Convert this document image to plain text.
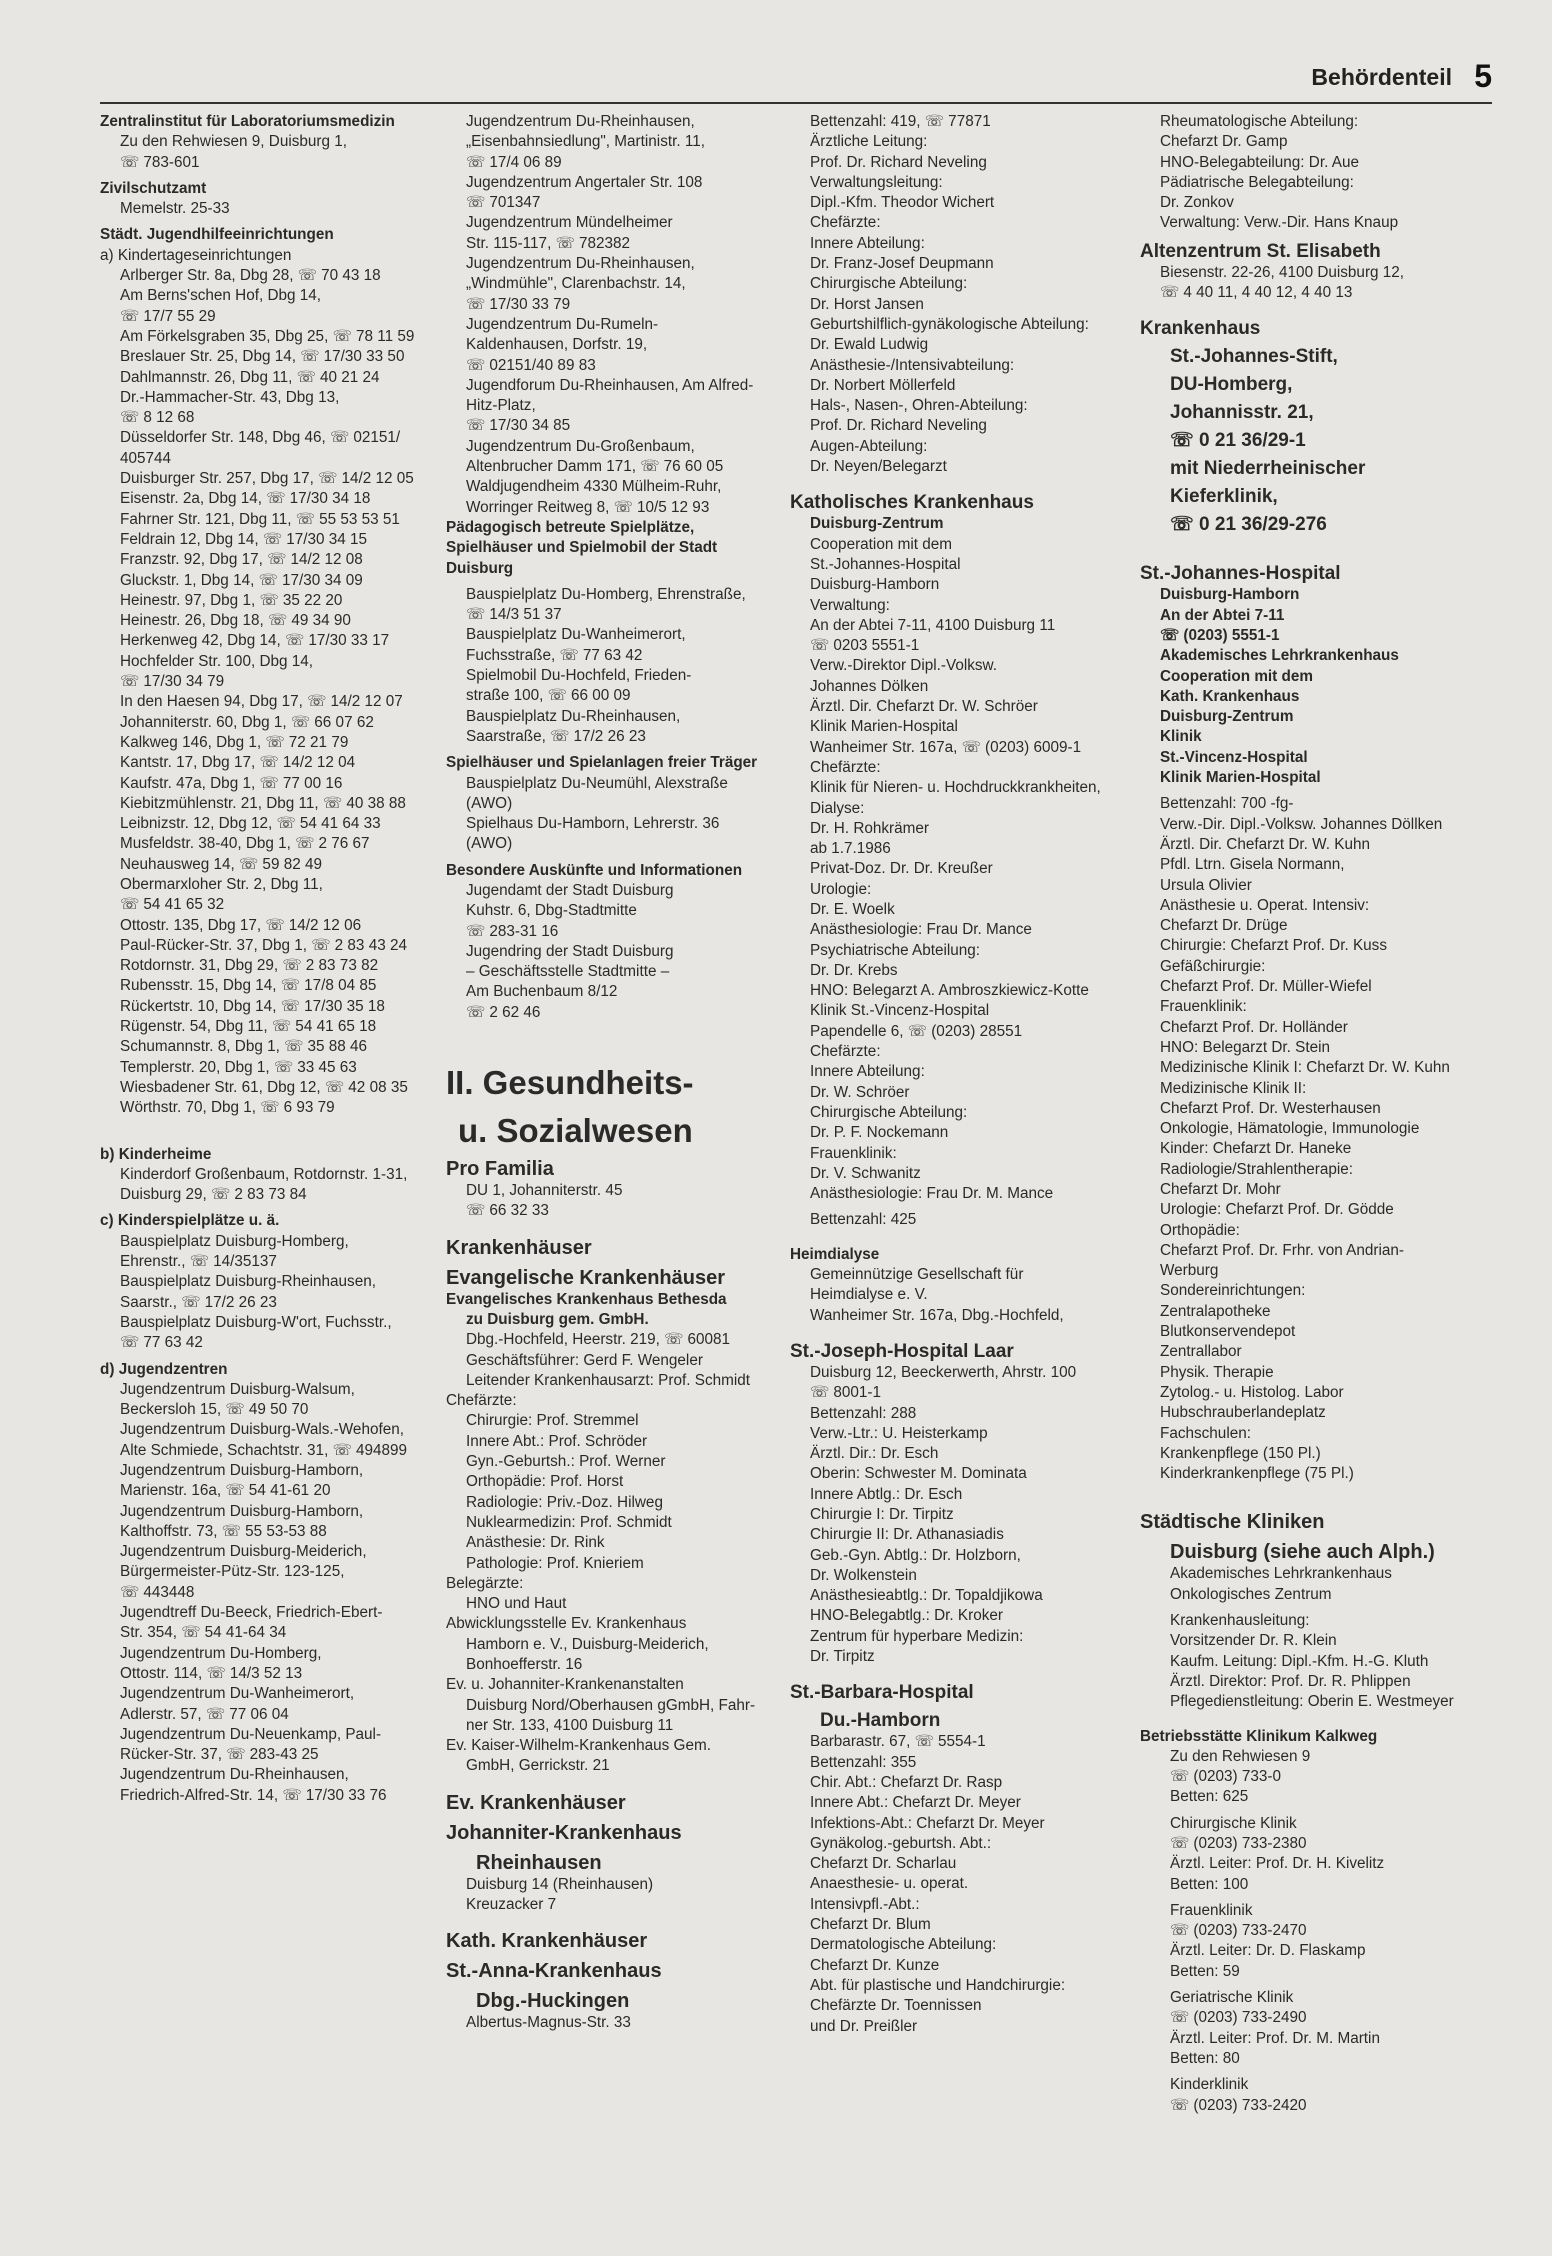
Behördenteil 5
Zentralinstitut für Laboratoriumsmedizin
Zu den Rehwiesen 9, Duisburg 1,
☏ 783-601
Zivilschutzamt
Memelstr. 25-33
Städt. Jugendhilfeeinrichtungen
a) Kindertageseinrichtungen
Arlberger Str. 8a, Dbg 28, ☏ 70 43 18
Am Berns'schen Hof, Dbg 14,
☏ 17/7 55 29
Am Förkelsgraben 35, Dbg 25, ☏ 78 11 59
Breslauer Str. 25, Dbg 14, ☏ 17/30 33 50
Dahlmannstr. 26, Dbg 11, ☏ 40 21 24
Dr.-Hammacher-Str. 43, Dbg 13,
☏ 8 12 68
Düsseldorfer Str. 148, Dbg 46, ☏ 02151/
405744
Duisburger Str. 257, Dbg 17, ☏ 14/2 12 05
Eisenstr. 2a, Dbg 14, ☏ 17/30 34 18
Fahrner Str. 121, Dbg 11, ☏ 55 53 53 51
Feldrain 12, Dbg 14, ☏ 17/30 34 15
Franzstr. 92, Dbg 17, ☏ 14/2 12 08
Gluckstr. 1, Dbg 14, ☏ 17/30 34 09
Heinestr. 97, Dbg 1, ☏ 35 22 20
Heinestr. 26, Dbg 18, ☏ 49 34 90
Herkenweg 42, Dbg 14, ☏ 17/30 33 17
Hochfelder Str. 100, Dbg 14,
☏ 17/30 34 79
In den Haesen 94, Dbg 17, ☏ 14/2 12 07
Johanniterstr. 60, Dbg 1, ☏ 66 07 62
Kalkweg 146, Dbg 1, ☏ 72 21 79
Kantstr. 17, Dbg 17, ☏ 14/2 12 04
Kaufstr. 47a, Dbg 1, ☏ 77 00 16
Kiebitzmühlenstr. 21, Dbg 11, ☏ 40 38 88
Leibnizstr. 12, Dbg 12, ☏ 54 41 64 33
Musfeldstr. 38-40, Dbg 1, ☏ 2 76 67
Neuhausweg 14, ☏ 59 82 49
Obermarxloher Str. 2, Dbg 11,
☏ 54 41 65 32
Ottostr. 135, Dbg 17, ☏ 14/2 12 06
Paul-Rücker-Str. 37, Dbg 1, ☏ 2 83 43 24
Rotdornstr. 31, Dbg 29, ☏ 2 83 73 82
Rubensstr. 15, Dbg 14, ☏ 17/8 04 85
Rückertstr. 10, Dbg 14, ☏ 17/30 35 18
Rügenstr. 54, Dbg 11, ☏ 54 41 65 18
Schumannstr. 8, Dbg 1, ☏ 35 88 46
Templerstr. 20, Dbg 1, ☏ 33 45 63
Wiesbadener Str. 61, Dbg 12, ☏ 42 08 35
Wörthstr. 70, Dbg 1, ☏ 6 93 79
b) Kinderheime
Kinderdorf Großenbaum, Rotdornstr. 1-31,
Duisburg 29, ☏ 2 83 73 84
c) Kinderspielplätze u. ä.
Bauspielplatz Duisburg-Homberg,
Ehrenstr., ☏ 14/35137
Bauspielplatz Duisburg-Rheinhausen,
Saarstr., ☏ 17/2 26 23
Bauspielplatz Duisburg-W'ort, Fuchsstr.,
☏ 77 63 42
d) Jugendzentren
Jugendzentrum Duisburg-Walsum,
Beckersloh 15, ☏ 49 50 70
Jugendzentrum Duisburg-Wals.-Wehofen,
Alte Schmiede, Schachtstr. 31, ☏ 494899
Jugendzentrum Duisburg-Hamborn,
Marienstr. 16a, ☏ 54 41-61 20
Jugendzentrum Duisburg-Hamborn,
Kalthoffstr. 73, ☏ 55 53-53 88
Jugendzentrum Duisburg-Meiderich,
Bürgermeister-Pütz-Str. 123-125,
☏ 443448
Jugendtreff Du-Beeck, Friedrich-Ebert-
Str. 354, ☏ 54 41-64 34
Jugendzentrum Du-Homberg,
Ottostr. 114, ☏ 14/3 52 13
Jugendzentrum Du-Wanheimerort,
Adlerstr. 57, ☏ 77 06 04
Jugendzentrum Du-Neuenkamp, Paul-
Rücker-Str. 37, ☏ 283-43 25
Jugendzentrum Du-Rheinhausen,
Friedrich-Alfred-Str. 14, ☏ 17/30 33 76
Jugendzentrum Du-Rheinhausen,
„Eisenbahnsiedlung", Martinistr. 11,
☏ 17/4 06 89
Jugendzentrum Angertaler Str. 108
☏ 701347
Jugendzentrum Mündelheimer
Str. 115-117, ☏ 782382
Jugendzentrum Du-Rheinhausen,
„Windmühle", Clarenbachstr. 14,
☏ 17/30 33 79
Jugendzentrum Du-Rumeln-
Kaldenhausen, Dorfstr. 19,
☏ 02151/40 89 83
Jugendforum Du-Rheinhausen, Am Alfred-
Hitz-Platz,
☏ 17/30 34 85
Jugendzentrum Du-Großenbaum,
Altenbrucher Damm 171, ☏ 76 60 05
Waldjugendheim 4330 Mülheim-Ruhr,
Worringer Reitweg 8, ☏ 10/5 12 93
Pädagogisch betreute Spielplätze,
Spielhäuser und Spielmobil der Stadt
Duisburg
Bauspielplatz Du-Homberg, Ehrenstraße,
☏ 14/3 51 37
Bauspielplatz Du-Wanheimerort,
Fuchsstraße, ☏ 77 63 42
Spielmobil Du-Hochfeld, Frieden-
straße 100, ☏ 66 00 09
Bauspielplatz Du-Rheinhausen,
Saarstraße, ☏ 17/2 26 23
Spielhäuser und Spielanlagen freier Träger
Bauspielplatz Du-Neumühl, Alexstraße
(AWO)
Spielhaus Du-Hamborn, Lehrerstr. 36
(AWO)
Besondere Auskünfte und Informationen
Jugendamt der Stadt Duisburg
Kuhstr. 6, Dbg-Stadtmitte
☏ 283-31 16
Jugendring der Stadt Duisburg
– Geschäftsstelle Stadtmitte –
Am Buchenbaum 8/12
☏ 2 62 46
II. Gesundheits-
u. Sozialwesen
Pro Familia
DU 1, Johanniterstr. 45
☏ 66 32 33
Krankenhäuser
Evangelische Krankenhäuser
Evangelisches Krankenhaus Bethesda
zu Duisburg gem. GmbH.
Dbg.-Hochfeld, Heerstr. 219, ☏ 60081
Geschäftsführer: Gerd F. Wengeler
Leitender Krankenhausarzt: Prof. Schmidt
Chefärzte:
Chirurgie: Prof. Stremmel
Innere Abt.: Prof. Schröder
Gyn.-Geburtsh.: Prof. Werner
Orthopädie: Prof. Horst
Radiologie: Priv.-Doz. Hilweg
Nuklearmedizin: Prof. Schmidt
Anästhesie: Dr. Rink
Pathologie: Prof. Knieriem
Belegärzte:
HNO und Haut
Abwicklungsstelle Ev. Krankenhaus
Hamborn e. V., Duisburg-Meiderich,
Bonhoefferstr. 16
Ev. u. Johanniter-Krankenanstalten
Duisburg Nord/Oberhausen gGmbH, Fahr-
ner Str. 133, 4100 Duisburg 11
Ev. Kaiser-Wilhelm-Krankenhaus Gem.
GmbH, Gerrickstr. 21
Ev. Krankenhäuser
Johanniter-Krankenhaus
Rheinhausen
Duisburg 14 (Rheinhausen)
Kreuzacker 7
Kath. Krankenhäuser
St.-Anna-Krankenhaus
Dbg.-Huckingen
Albertus-Magnus-Str. 33
Bettenzahl: 419, ☏ 77871
Ärztliche Leitung:
Prof. Dr. Richard Neveling
Verwaltungsleitung:
Dipl.-Kfm. Theodor Wichert
Chefärzte:
Innere Abteilung:
Dr. Franz-Josef Deupmann
Chirurgische Abteilung:
Dr. Horst Jansen
Geburtshilflich-gynäkologische Abteilung:
Dr. Ewald Ludwig
Anästhesie-/Intensivabteilung:
Dr. Norbert Möllerfeld
Hals-, Nasen-, Ohren-Abteilung:
Prof. Dr. Richard Neveling
Augen-Abteilung:
Dr. Neyen/Belegarzt
Katholisches Krankenhaus
Duisburg-Zentrum
Cooperation mit dem
St.-Johannes-Hospital
Duisburg-Hamborn
Verwaltung:
An der Abtei 7-11, 4100 Duisburg 11
☏ 0203 5551-1
Verw.-Direktor Dipl.-Volksw.
Johannes Dölken
Ärztl. Dir. Chefarzt Dr. W. Schröer
Klinik Marien-Hospital
Wanheimer Str. 167a, ☏ (0203) 6009-1
Chefärzte:
Klinik für Nieren- u. Hochdruckkrankheiten,
Dialyse:
Dr. H. Rohkrämer
ab 1.7.1986
Privat-Doz. Dr. Dr. Kreußer
Urologie:
Dr. E. Woelk
Anästhesiologie: Frau Dr. Mance
Psychiatrische Abteilung:
Dr. Dr. Krebs
HNO: Belegarzt A. Ambroszkiewicz-Kotte
Klinik St.-Vincenz-Hospital
Papendelle 6, ☏ (0203) 28551
Chefärzte:
Innere Abteilung:
Dr. W. Schröer
Chirurgische Abteilung:
Dr. P. F. Nockemann
Frauenklinik:
Dr. V. Schwanitz
Anästhesiologie: Frau Dr. M. Mance
Bettenzahl: 425
Heimdialyse
Gemeinnützige Gesellschaft für
Heimdialyse e. V.
Wanheimer Str. 167a, Dbg.-Hochfeld,
St.-Joseph-Hospital Laar
Duisburg 12, Beeckerwerth, Ahrstr. 100
☏ 8001-1
Bettenzahl: 288
Verw.-Ltr.: U. Heisterkamp
Ärztl. Dir.: Dr. Esch
Oberin: Schwester M. Dominata
Innere Abtlg.: Dr. Esch
Chirurgie I: Dr. Tirpitz
Chirurgie II: Dr. Athanasiadis
Geb.-Gyn. Abtlg.: Dr. Holzborn,
Dr. Wolkenstein
Anästhesieabtlg.: Dr. Topaldjikowa
HNO-Belegabtlg.: Dr. Kroker
Zentrum für hyperbare Medizin:
Dr. Tirpitz
St.-Barbara-Hospital
Du.-Hamborn
Barbarastr. 67, ☏ 5554-1
Bettenzahl: 355
Chir. Abt.: Chefarzt Dr. Rasp
Innere Abt.: Chefarzt Dr. Meyer
Infektions-Abt.: Chefarzt Dr. Meyer
Gynäkolog.-geburtsh. Abt.:
Chefarzt Dr. Scharlau
Anaesthesie- u. operat.
Intensivpfl.-Abt.:
Chefarzt Dr. Blum
Dermatologische Abteilung:
Chefarzt Dr. Kunze
Abt. für plastische und Handchirurgie:
Chefärzte Dr. Toennissen
und Dr. Preißler
Rheumatologische Abteilung:
Chefarzt Dr. Gamp
HNO-Belegabteilung: Dr. Aue
Pädiatrische Belegabteilung:
Dr. Zonkov
Verwaltung: Verw.-Dir. Hans Knaup
Altenzentrum St. Elisabeth
Biesenstr. 22-26, 4100 Duisburg 12,
☏ 4 40 11, 4 40 12, 4 40 13
Krankenhaus
St.-Johannes-Stift,
DU-Homberg,
Johannisstr. 21,
☏ 0 21 36/29-1
mit Niederrheinischer
Kieferklinik,
☏ 0 21 36/29-276
St.-Johannes-Hospital
Duisburg-Hamborn
An der Abtei 7-11
☏ (0203) 5551-1
Akademisches Lehrkrankenhaus
Cooperation mit dem
Kath. Krankenhaus
Duisburg-Zentrum
Klinik
St.-Vincenz-Hospital
Klinik Marien-Hospital
Bettenzahl: 700 -fg-
Verw.-Dir. Dipl.-Volksw. Johannes Döllken
Ärztl. Dir. Chefarzt Dr. W. Kuhn
Pfdl. Ltrn. Gisela Normann,
Ursula Olivier
Anästhesie u. Operat. Intensiv:
Chefarzt Dr. Drüge
Chirurgie: Chefarzt Prof. Dr. Kuss
Gefäßchirurgie:
Chefarzt Prof. Dr. Müller-Wiefel
Frauenklinik:
Chefarzt Prof. Dr. Holländer
HNO: Belegarzt Dr. Stein
Medizinische Klinik I: Chefarzt Dr. W. Kuhn
Medizinische Klinik II:
Chefarzt Prof. Dr. Westerhausen
Onkologie, Hämatologie, Immunologie
Kinder: Chefarzt Dr. Haneke
Radiologie/Strahlentherapie:
Chefarzt Dr. Mohr
Urologie: Chefarzt Prof. Dr. Gödde
Orthopädie:
Chefarzt Prof. Dr. Frhr. von Andrian-
Werburg
Sondereinrichtungen:
Zentralapotheke
Blutkonservendepot
Zentrallabor
Physik. Therapie
Zytolog.- u. Histolog. Labor
Hubschrauberlandeplatz
Fachschulen:
Krankenpflege (150 Pl.)
Kinderkrankenpflege (75 Pl.)
Städtische Kliniken
Duisburg (siehe auch Alph.)
Akademisches Lehrkrankenhaus
Onkologisches Zentrum
Krankenhausleitung:
Vorsitzender Dr. R. Klein
Kaufm. Leitung: Dipl.-Kfm. H.-G. Kluth
Ärztl. Direktor: Prof. Dr. R. Phlippen
Pflegedienstleitung: Oberin E. Westmeyer
Betriebsstätte Klinikum Kalkweg
Zu den Rehwiesen 9
☏ (0203) 733-0
Betten: 625
Chirurgische Klinik
☏ (0203) 733-2380
Ärztl. Leiter: Prof. Dr. H. Kivelitz
Betten: 100
Frauenklinik
☏ (0203) 733-2470
Ärztl. Leiter: Dr. D. Flaskamp
Betten: 59
Geriatrische Klinik
☏ (0203) 733-2490
Ärztl. Leiter: Prof. Dr. M. Martin
Betten: 80
Kinderklinik
☏ (0203) 733-2420
